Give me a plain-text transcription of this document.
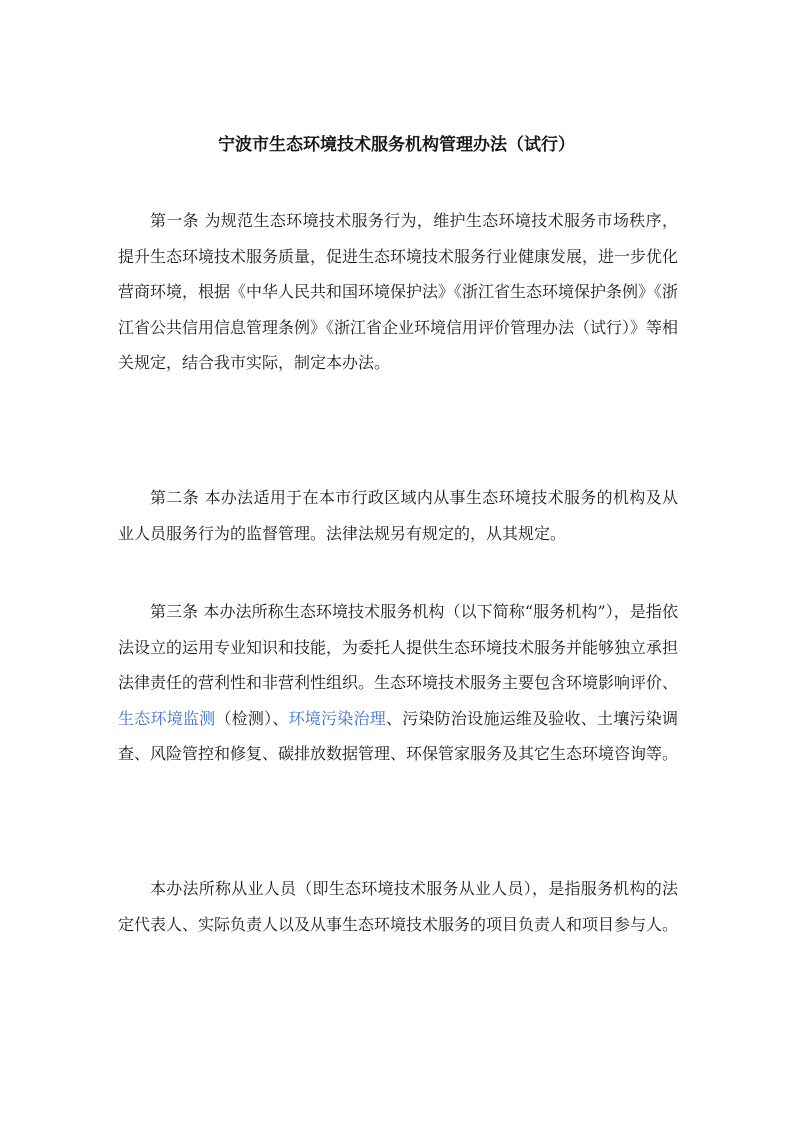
宁波市生态环境技术服务机构管理办法（试行）
第一条 为规范生态环境技术服务行为，维护生态环境技术服务市场秩序，提升生态环境技术服务质量，促进生态环境技术服务行业健康发展，进一步优化营商环境，根据《中华人民共和国环境保护法》《浙江省生态环境保护条例》《浙江省公共信用信息管理条例》《浙江省企业环境信用评价管理办法（试行）》等相关规定，结合我市实际，制定本办法。
第二条 本办法适用于在本市行政区域内从事生态环境技术服务的机构及从业人员服务行为的监督管理。法律法规另有规定的，从其规定。
第三条 本办法所称生态环境技术服务机构（以下简称“服务机构”），是指依法设立的运用专业知识和技能，为委托人提供生态环境技术服务并能够独立承担法律责任的营利性和非营利性组织。生态环境技术服务主要包含环境影响评价、生态环境监测（检测）、环境污染治理、污染防治设施运维及验收、土壤污染调查、风险管控和修复、碳排放数据管理、环保管家服务及其它生态环境咨询等。
本办法所称从业人员（即生态环境技术服务从业人员），是指服务机构的法定代表人、实际负责人以及从事生态环境技术服务的项目负责人和项目参与人。
